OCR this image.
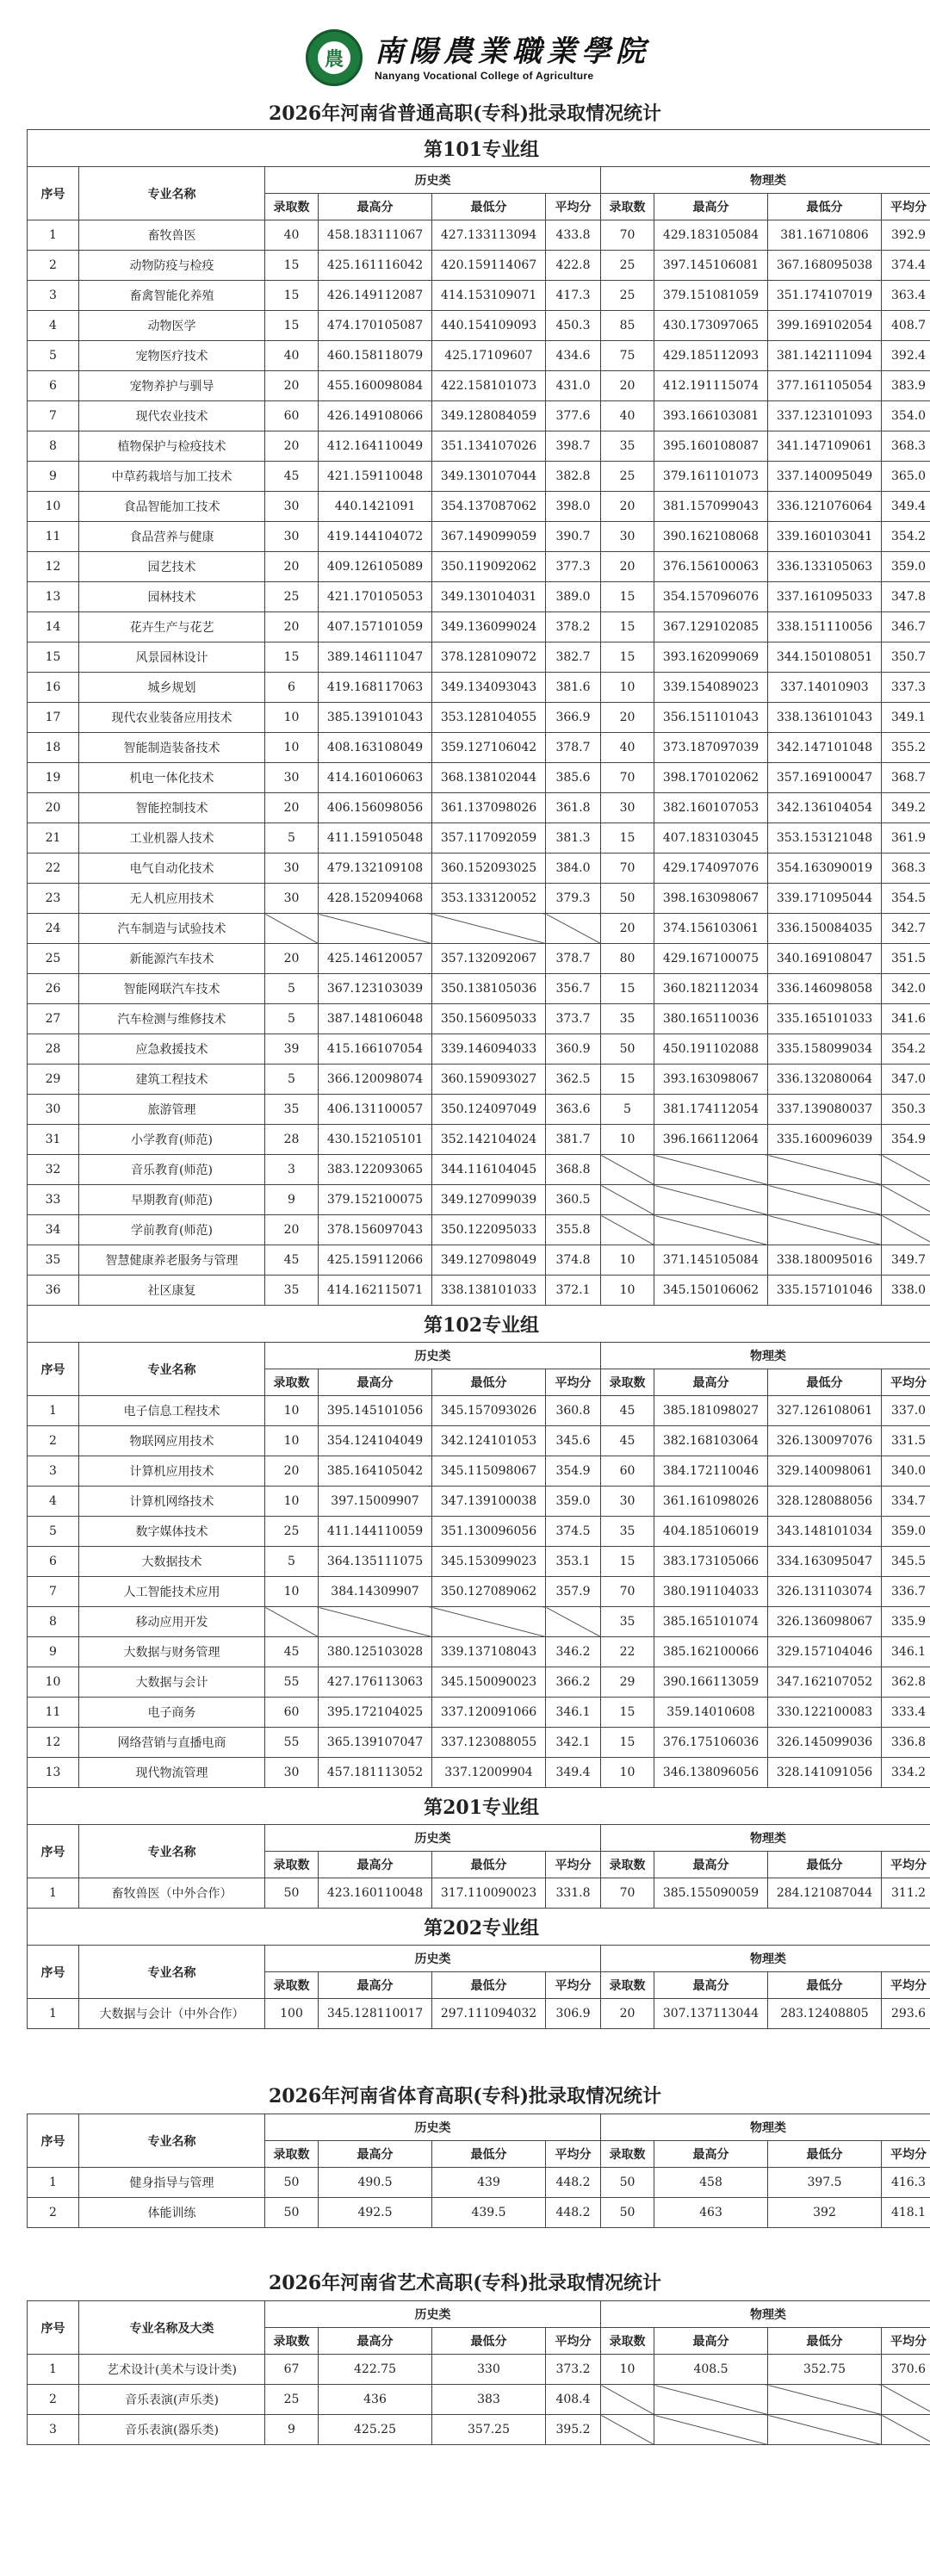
農 南陽農業職業學院
Nanyang Vocational College of Agriculture
2026年河南省普通高职(专科)批录取情况统计
第101专业组										
序号	专业名称	历史类				物理类				
		录取数	最高分	最低分	平均分	录取数	最高分	最低分	平均分	
1	畜牧兽医	40	458.183111067	427.133113094	433.8	70	429.183105084	381.16710806	392.9	
2	动物防疫与检疫	15	425.161116042	420.159114067	422.8	25	397.145106081	367.168095038	374.4	
3	畜禽智能化养殖	15	426.149112087	414.153109071	417.3	25	379.151081059	351.174107019	363.4	
4	动物医学	15	474.170105087	440.154109093	450.3	85	430.173097065	399.169102054	408.7	
5	宠物医疗技术	40	460.158118079	425.17109607	434.6	75	429.185112093	381.142111094	392.4	
6	宠物养护与驯导	20	455.160098084	422.158101073	431.0	20	412.191115074	377.161105054	383.9	
7	现代农业技术	60	426.149108066	349.128084059	377.6	40	393.166103081	337.123101093	354.0	
8	植物保护与检疫技术	20	412.164110049	351.134107026	398.7	35	395.160108087	341.147109061	368.3	
9	中草药栽培与加工技术	45	421.159110048	349.130107044	382.8	25	379.161101073	337.140095049	365.0	
10	食品智能加工技术	30	440.1421091	354.137087062	398.0	20	381.157099043	336.121076064	349.4	
11	食品营养与健康	30	419.144104072	367.149099059	390.7	30	390.162108068	339.160103041	354.2	
12	园艺技术	20	409.126105089	350.119092062	377.3	20	376.156100063	336.133105063	359.0	
13	园林技术	25	421.170105053	349.130104031	389.0	15	354.157096076	337.161095033	347.8	
14	花卉生产与花艺	20	407.157101059	349.136099024	378.2	15	367.129102085	338.151110056	346.7	
15	风景园林设计	15	389.146111047	378.128109072	382.7	15	393.162099069	344.150108051	350.7	
16	城乡规划	6	419.168117063	349.134093043	381.6	10	339.154089023	337.14010903	337.3	
17	现代农业装备应用技术	10	385.139101043	353.128104055	366.9	20	356.151101043	338.136101043	349.1	
18	智能制造装备技术	10	408.163108049	359.127106042	378.7	40	373.187097039	342.147101048	355.2	
19	机电一体化技术	30	414.160106063	368.138102044	385.6	70	398.170102062	357.169100047	368.7	
20	智能控制技术	20	406.156098056	361.137098026	361.8	30	382.160107053	342.136104054	349.2	
21	工业机器人技术	5	411.159105048	357.117092059	381.3	15	407.183103045	353.153121048	361.9	
22	电气自动化技术	30	479.132109108	360.152093025	384.0	70	429.174097076	354.163090019	368.3	
23	无人机应用技术	30	428.152094068	353.133120052	379.3	50	398.163098067	339.171095044	354.5	
24	汽车制造与试验技术					20	374.156103061	336.150084035	342.7	
25	新能源汽车技术	20	425.146120057	357.132092067	378.7	80	429.167100075	340.169108047	351.5	
26	智能网联汽车技术	5	367.123103039	350.138105036	356.7	15	360.182112034	336.146098058	342.0	
27	汽车检测与维修技术	5	387.148106048	350.156095033	373.7	35	380.165110036	335.165101033	341.6	
28	应急救援技术	39	415.166107054	339.146094033	360.9	50	450.191102088	335.158099034	354.2	
29	建筑工程技术	5	366.120098074	360.159093027	362.5	15	393.163098067	336.132080064	347.0	
30	旅游管理	35	406.131100057	350.124097049	363.6	5	381.174112054	337.139080037	350.3	
31	小学教育(师范)	28	430.152105101	352.142104024	381.7	10	396.166112064	335.160096039	354.9	
32	音乐教育(师范)	3	383.122093065	344.116104045	368.8					
33	早期教育(师范)	9	379.152100075	349.127099039	360.5					
34	学前教育(师范)	20	378.156097043	350.122095033	355.8					
35	智慧健康养老服务与管理	45	425.159112066	349.127098049	374.8	10	371.145105084	338.180095016	349.7	
36	社区康复	35	414.162115071	338.138101033	372.1	10	345.150106062	335.157101046	338.0	
第102专业组									
序号	专业名称	历史类				物理类			
		录取数	最高分	最低分	平均分	录取数	最高分	最低分	平均分
1	电子信息工程技术	10	395.145101056	345.157093026	360.8	45	385.181098027	327.126108061	337.0
2	物联网应用技术	10	354.124104049	342.124101053	345.6	45	382.168103064	326.130097076	331.5
3	计算机应用技术	20	385.164105042	345.115098067	354.9	60	384.172110046	329.140098061	340.0
4	计算机网络技术	10	397.15009907	347.139100038	359.0	30	361.161098026	328.128088056	334.7
5	数字媒体技术	25	411.144110059	351.130096056	374.5	35	404.185106019	343.148101034	359.0
6	大数据技术	5	364.135111075	345.153099023	353.1	15	383.173105066	334.163095047	345.5
7	人工智能技术应用	10	384.14309907	350.127089062	357.9	70	380.191104033	326.131103074	336.7
8	移动应用开发					35	385.165101074	326.136098067	335.9
9	大数据与财务管理	45	380.125103028	339.137108043	346.2	22	385.162100066	329.157104046	346.1
10	大数据与会计	55	427.176113063	345.150090023	366.2	29	390.166113059	347.162107052	362.8
11	电子商务	60	395.172104025	337.120091066	346.1	15	359.14010608	330.122100083	333.4
12	网络营销与直播电商	55	365.139107047	337.123088055	342.1	15	376.175106036	326.145099036	336.8
13	现代物流管理	30	457.181113052	337.12009904	349.4	10	346.138096056	328.141091056	334.2
第201专业组									
序号	专业名称	历史类				物理类			
		录取数	最高分	最低分	平均分	录取数	最高分	最低分	平均分
1	畜牧兽医（中外合作）	50	423.160110048	317.110090023	331.8	70	385.155090059	284.121087044	311.2
第202专业组									
序号	专业名称	历史类				物理类			
		录取数	最高分	最低分	平均分	录取数	最高分	最低分	平均分
1	大数据与会计（中外合作）	100	345.128110017	297.111094032	306.9	20	307.137113044	283.12408805	293.6
2026年河南省体育高职(专科)批录取情况统计
序号	专业名称	历史类				物理类			
		录取数	最高分	最低分	平均分	录取数	最高分	最低分	平均分
1	健身指导与管理	50	490.5	439	448.2	50	458	397.5	416.3
2	体能训练	50	492.5	439.5	448.2	50	463	392	418.1
2026年河南省艺术高职(专科)批录取情况统计
序号	专业名称及大类	历史类				物理类				
		录取数	最高分	最低分	平均分	录取数	最高分	最低分	平均分	
1	艺术设计(美术与设计类)	67	422.75	330	373.2	10	408.5	352.75	370.6	
2	音乐表演(声乐类)	25	436	383	408.4					
3	音乐表演(器乐类)	9	425.25	357.25	395.2					
